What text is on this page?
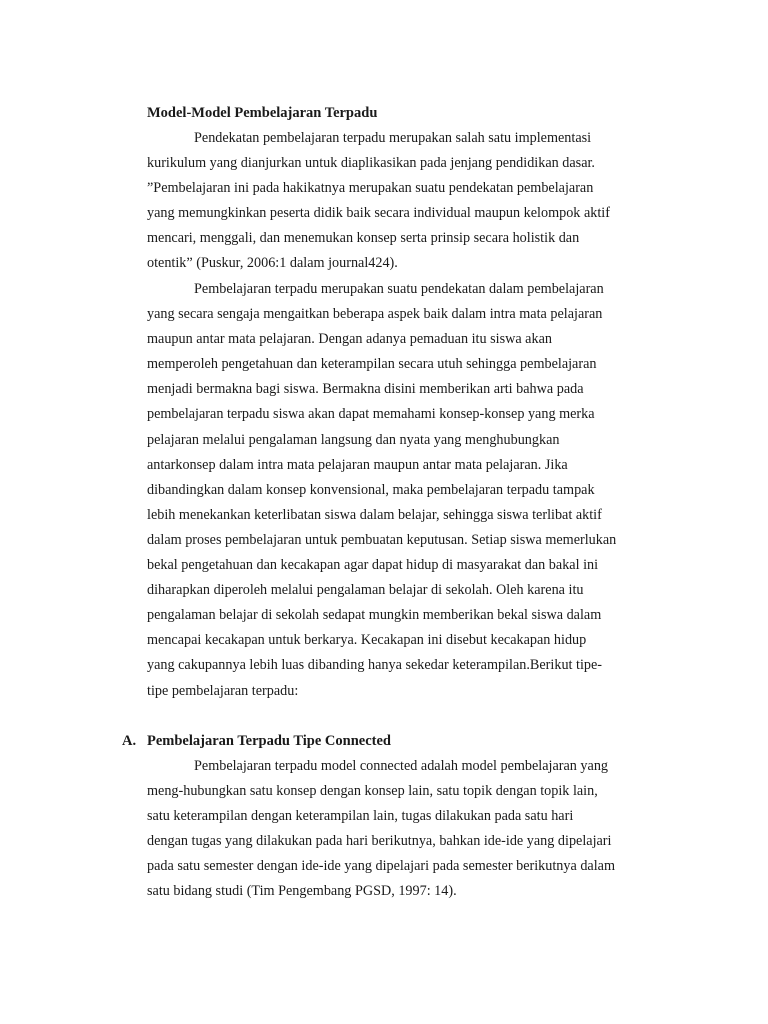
Model-Model Pembelajaran Terpadu
Pendekatan pembelajaran terpadu merupakan salah satu implementasi
kurikulum yang dianjurkan untuk diaplikasikan pada jenjang pendidikan dasar.
”Pembelajaran ini pada hakikatnya merupakan suatu pendekatan pembelajaran
yang memungkinkan peserta didik baik secara individual maupun kelompok aktif
mencari, menggali, dan menemukan konsep serta prinsip secara holistik dan
otentik” (Puskur, 2006:1 dalam journal424).
Pembelajaran terpadu merupakan suatu pendekatan dalam pembelajaran
yang secara sengaja mengaitkan beberapa aspek baik dalam intra mata pelajaran
maupun antar mata pelajaran. Dengan adanya pemaduan itu siswa akan
memperoleh pengetahuan dan keterampilan secara utuh sehingga pembelajaran
menjadi bermakna bagi siswa. Bermakna disini memberikan arti bahwa pada
pembelajaran terpadu siswa akan dapat memahami konsep-konsep yang merka
pelajaran melalui pengalaman langsung dan nyata yang menghubungkan
antarkonsep dalam intra mata pelajaran maupun antar mata pelajaran. Jika
dibandingkan dalam konsep konvensional, maka pembelajaran terpadu tampak
lebih menekankan keterlibatan siswa dalam belajar, sehingga siswa terlibat aktif
dalam proses pembelajaran untuk pembuatan keputusan. Setiap siswa memerlukan
bekal pengetahuan dan kecakapan agar dapat hidup di masyarakat dan bakal ini
diharapkan diperoleh melalui pengalaman belajar di sekolah. Oleh karena itu
pengalaman belajar di sekolah sedapat mungkin memberikan bekal siswa dalam
mencapai kecakapan untuk berkarya. Kecakapan ini disebut kecakapan hidup
yang cakupannya lebih luas dibanding hanya sekedar keterampilan.Berikut tipe-
tipe pembelajaran terpadu:
A. Pembelajaran Terpadu Tipe Connected
Pembelajaran terpadu model connected adalah model pembelajaran yang
meng-hubungkan satu konsep dengan konsep lain, satu topik dengan topik lain,
satu keterampilan dengan keterampilan lain, tugas dilakukan pada satu hari
dengan tugas yang dilakukan pada hari berikutnya, bahkan ide-ide yang dipelajari
pada satu semester dengan ide-ide yang dipelajari pada semester berikutnya dalam
satu bidang studi (Tim Pengembang PGSD, 1997: 14).
